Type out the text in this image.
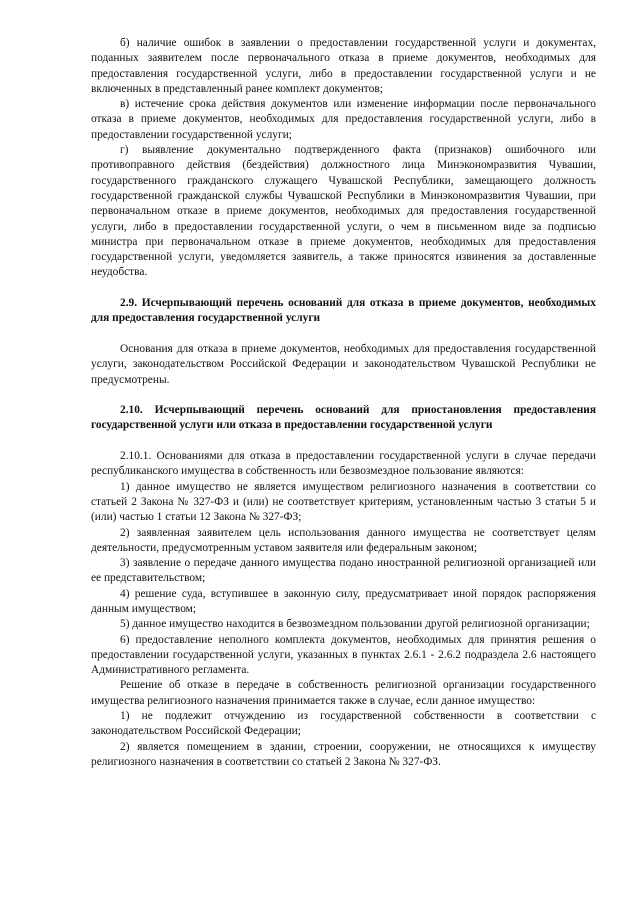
б) наличие ошибок в заявлении о предоставлении государственной услуги и документах, поданных заявителем после первоначального отказа в приеме документов, необходимых для предоставления государственной услуги, либо в предоставлении государственной услуги и не включенных в представленный ранее комплект документов;

в) истечение срока действия документов или изменение информации после первоначального отказа в приеме документов, необходимых для предоставления государственной услуги, либо в предоставлении государственной услуги;

г) выявление документально подтвержденного факта (признаков) ошибочного или противоправного действия (бездействия) должностного лица Минэкономразвития Чувашии, государственного гражданского служащего Чувашской Республики, замещающего должность государственной гражданской службы Чувашской Республики в Минэкономразвития Чувашии, при первоначальном отказе в приеме документов, необходимых для предоставления государственной услуги, либо в предоставлении государственной услуги, о чем в письменном виде за подписью министра при первоначальном отказе в приеме документов, необходимых для предоставления государственной услуги, уведомляется заявитель, а также приносятся извинения за доставленные неудобства.

2.9. Исчерпывающий перечень оснований для отказа в приеме документов, необходимых для предоставления государственной услуги

Основания для отказа в приеме документов, необходимых для предоставления государственной услуги, законодательством Российской Федерации и законодательством Чувашской Республики не предусмотрены.

2.10. Исчерпывающий перечень оснований для приостановления предоставления государственной услуги или отказа в предоставлении государственной услуги

2.10.1. Основаниями для отказа в предоставлении государственной услуги в случае передачи республиканского имущества в собственность или безвозмездное пользование являются:

1) данное имущество не является имуществом религиозного назначения в соответствии со статьей 2 Закона № 327-ФЗ и (или) не соответствует критериям, установленным частью 3 статьи 5 и (или) частью 1 статьи 12 Закона № 327-ФЗ;

2) заявленная заявителем цель использования данного имущества не соответствует целям деятельности, предусмотренным уставом заявителя или федеральным законом;

3) заявление о передаче данного имущества подано иностранной религиозной организацией или ее представительством;

4) решение суда, вступившее в законную силу, предусматривает иной порядок распоряжения данным имуществом;

5) данное имущество находится в безвозмездном пользовании другой религиозной организации;

6) предоставление неполного комплекта документов, необходимых для принятия решения о предоставлении государственной услуги, указанных в пунктах 2.6.1 - 2.6.2 подраздела 2.6 настоящего Административного регламента.

Решение об отказе в передаче в собственность религиозной организации государственного имущества религиозного назначения принимается также в случае, если данное имущество:

1) не подлежит отчуждению из государственной собственности в соответствии с законодательством Российской Федерации;

2) является помещением в здании, строении, сооружении, не относящихся к имуществу религиозного назначения в соответствии со статьей 2 Закона № 327-ФЗ.
